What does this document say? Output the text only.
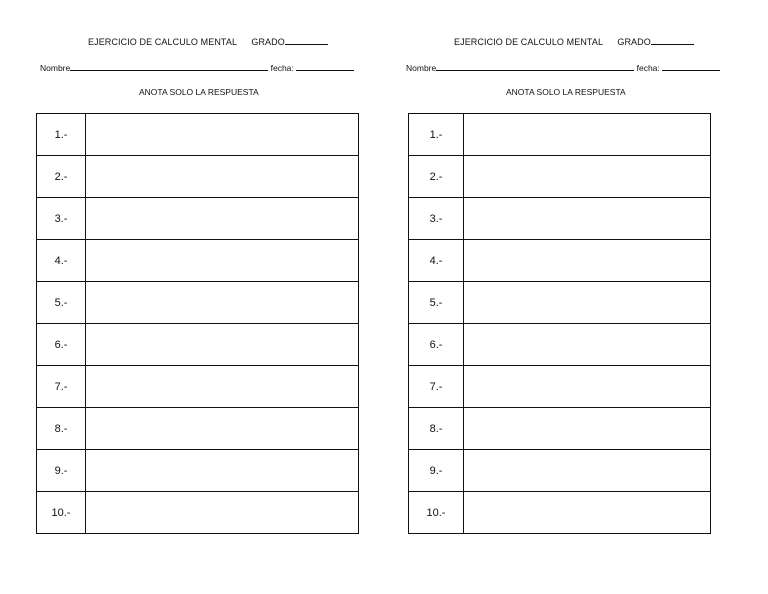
EJERCICIO DE CALCULO MENTAL GRADO
Nombre	fecha:
ANOTA SOLO LA RESPUESTA
1.-	
2.-	
3.-	
4.-	
5.-	
6.-	
7.-	
8.-	
9.-	
10.-	
EJERCICIO DE CALCULO MENTAL GRADO
Nombre	fecha:
ANOTA SOLO LA RESPUESTA
1.-	
2.-	
3.-	
4.-	
5.-	
6.-	
7.-	
8.-	
9.-	
10.-	
